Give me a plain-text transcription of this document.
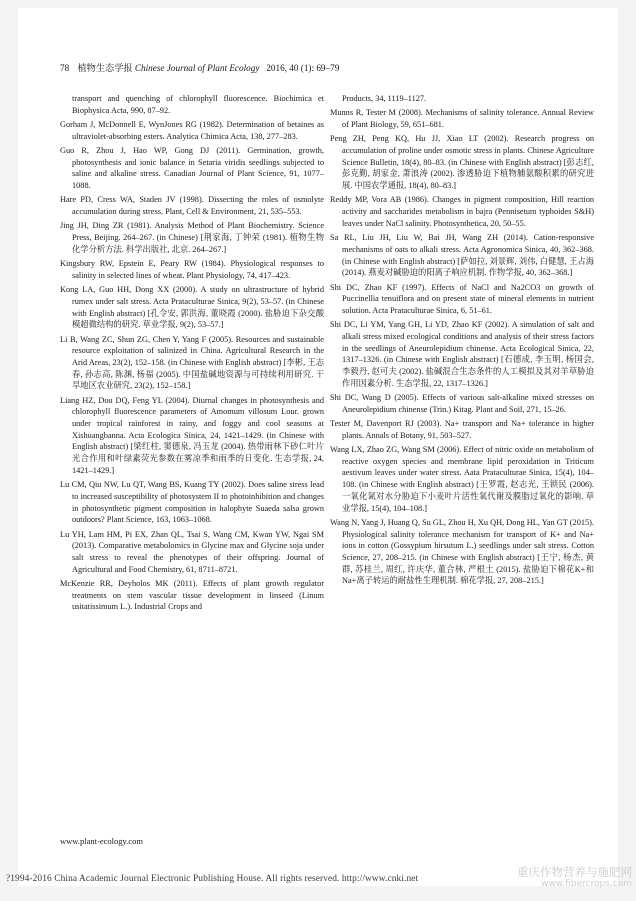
78 植物生态学报 Chinese Journal of Plant Ecology 2016, 40 (1): 69–79

transport and quenching of chlorophyll fluorescence. Biochimica et Biophysica Acta, 990, 87–92.

Gorham J, McDonnell E, WynJones RG (1982). Determination of betaines as ultraviolet-absorbing esters. Analytica Chimica Acta, 138, 277–283.

Guo R, Zhou J, Hao WP, Gong DJ (2011). Germination, growth, photosynthesis and ionic balance in Setaria viridis seedlings subjected to saline and alkaline stress. Canadian Journal of Plant Science, 91, 1077–1088.

Hare PD, Cress WA, Staden JV (1998). Dissecting the roles of osmolyte accumulation during stress. Plant, Cell & Environment, 21, 535–553.

Jing JH, Ding ZR (1981). Analysis Method of Plant Biochemistry. Science Press, Beijing. 264–267. (in Chinese) [荆家海, 丁钟荣 (1981). 植物生物化学分析方法. 科学出版社, 北京. 264–267.]

Kingsbury RW, Epstein E, Peary RW (1984). Physiological responses to salinity in selected lines of wheat. Plant Physiology, 74, 417–423.

Kong LA, Guo HH, Dong XX (2000). A study on ultrastructure of hybrid rumex under salt stress. Acta Prataculturae Sinica, 9(2), 53–57. (in Chinese with English abstract) [孔令安, 郭洪海, 董晓霞 (2000). 盐胁迫下杂交酸模超微结构的研究. 草业学报, 9(2), 53–57.]

Li B, Wang ZC, Shun ZG, Chen Y, Yang F (2005). Resources and sustainable resource exploitation of salinized in China. Agricultural Research in the Arid Areas, 23(2), 152–158. (in Chinese with English abstract) [李彬, 王志春, 孙志高, 陈渊, 杨福 (2005). 中国盐碱地资源与可持续利用研究. 干旱地区农业研究, 23(2), 152–158.]

Liang HZ, Dou DQ, Feng YL (2004). Diurnal changes in photosynthesis and chlorophyll fluorescence parameters of Amomum villosum Lour. grown under tropical rainforest in rainy, and foggy and cool seasons at Xishuangbanna. Acta Ecologica Sinica, 24, 1421–1429. (in Chinese with English abstract) [梁红柱, 窦德泉, 冯玉龙 (2004). 热带雨林下砂仁叶片光合作用和叶绿素荧光参数在雾凉季和雨季的日变化. 生态学报, 24, 1421–1429.]

Lu CM, Qiu NW, Lu QT, Wang BS, Kuang TY (2002). Does saline stress lead to increased susceptibility of photosystem II to photoinhibition and changes in photosynthetic pigment composition in halophyte Suaeda salsa grown outdoors? Plant Science, 163, 1063–1068.

Lu YH, Lam HM, Pi EX, Zhan QL, Tsai S, Wang CM, Kwan YW, Ngai SM (2013). Comparative metabolomics in Glycine max and Glycine soja under salt stress to reveal the phenotypes of their offspring. Journal of Agricultural and Food Chemistry, 61, 8711–8721.

McKenzie RR, Deyholos MK (2011). Effects of plant growth regulator treatments on stem vascular tissue development in linseed (Linum usitatissimum L.). Industrial Crops and

Products, 34, 1119–1127.

Munns R, Tester M (2008). Mechanisms of salinity tolerance. Annual Review of Plant Biology, 59, 651–681.

Peng ZH, Peng KQ, Hu JJ, Xiao LT (2002). Research progress on accumulation of proline under osmotic stress in plants. Chinese Agriculture Science Bulletin, 18(4), 80–83. (in Chinese with English abstract) [彭志红, 彭克勤, 胡家金, 萧浪涛 (2002). 渗透胁迫下植物脯氨酸积累的研究进展. 中国农学通报, 18(4), 80–83.]

Reddy MP, Vora AB (1986). Changes in pigment composition, Hill reaction activity and saccharides metabolism in bajra (Pennisetum typhoides S&H) leaves under NaCl salinity. Photosynthetica, 20, 50–55.

Sa RL, Liu JH, Liu W, Bai JH, Wang ZH (2014). Cation-responsive mechanisms of oats to alkali stress. Acta Agronomica Sinica, 40, 362–368. (in Chinese with English abstract) [萨如拉, 刘景辉, 刘伟, 白健慧, 王占海 (2014). 燕麦对碱胁迫的阳离子响应机制. 作物学报, 40, 362–368.]

Shi DC, Zhao KF (1997). Effects of NaCl and Na2CO3 on growth of Puccinellia tenuiflora and on present state of mineral elements in nutrient solution. Acta Prataculturae Sinica, 6, 51–61.

Shi DC, Li YM, Yang GH, Li YD, Zhao KF (2002). A simulation of salt and alkali stress mixed ecological conditions and analysis of their stress factors in the seedlings of Aneurolepidium chinense. Acta Ecological Sinica, 22, 1317–1326. (in Chinese with English abstract) [石德成, 李玉明, 杨国会, 李毅丹, 赵可夫 (2002). 盐碱混合生态条件的人工模拟及其对羊草胁迫作用因素分析. 生态学报, 22, 1317–1326.]

Shi DC, Wang D (2005). Effects of various salt-alkaline mixed stresses on Aneurolepidium chinense (Trin.) Kitag. Plant and Soil, 271, 15–26.

Tester M, Davenport RJ (2003). Na+ transport and Na+ tolerance in higher plants. Annals of Botany, 91, 503–527.

Wang LX, Zhao ZG, Wang SM (2006). Effect of nitric oxide on metabolism of reactive oxygen species and membrane lipid peroxidation in Triticum aestivum leaves under water stress. Aata Prataculturae Sinica, 15(4), 104–108. (in Chinese with English abstract) [王罗霞, 赵志光, 王锁民 (2006). 一氧化氮对水分胁迫下小麦叶片活性氧代谢及膜脂过氧化的影响. 草业学报, 15(4), 104–108.]

Wang N, Yang J, Huang Q, Su GL, Zhou H, Xu QH, Dong HL, Yan GT (2015). Physiological salinity tolerance mechanism for transport of K+ and Na+ ions in cotton (Gossypium hirsutum L.) seedlings under salt stress. Cotton Science, 27, 208–215. (in Chinese with English abstract) [王宁, 杨杰, 黄群, 苏桂兰, 周红, 许庆华, 董合林, 严根土 (2015). 盐胁迫下棉花K+和Na+离子转运的耐盐性生理机制. 棉花学报, 27, 208–215.]

www.plant-ecology.com
?1994-2016 China Academic Journal Electronic Publishing House. All rights reserved. http://www.cnki.net	重庆作物营养与施肥网
www.fibercrops.com
